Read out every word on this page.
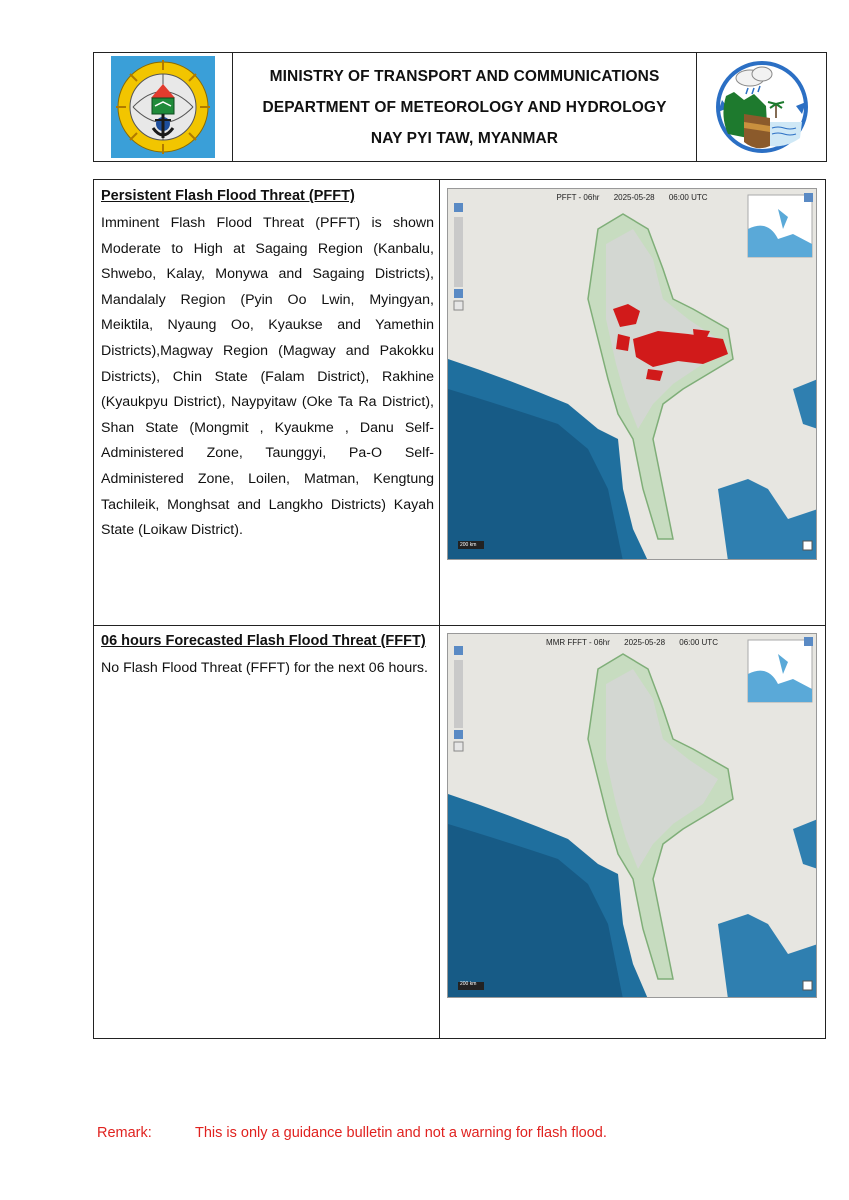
MINISTRY OF TRANSPORT AND COMMUNICATIONS
DEPARTMENT OF METEOROLOGY AND HYDROLOGY
NAY PYI TAW, MYANMAR
Persistent Flash Flood Threat (PFFT)
Imminent Flash Flood Threat (PFFT) is shown Moderate to High at Sagaing Region (Kanbalu, Shwebo, Kalay, Monywa and Sagaing Districts), Mandalaly Region (Pyin Oo Lwin, Myingyan, Meiktila, Nyaung Oo, Kyaukse and Yamethin Districts),Magway Region (Magway and Pakokku Districts), Chin State (Falam District), Rakhine (Kyaukpyu District), Naypyitaw (Oke Ta Ra District), Shan State (Mongmit , Kyaukme , Danu Self-Administered Zone, Taunggyi, Pa-O Self-Administered Zone, Loilen, Matman, Kengtung Tachileik, Monghsat and Langkho Districts) Kayah State (Loikaw District).
PFFT - 06hr 2025-05-28 06:00 UTC
200 km
06 hours Forecasted Flash Flood Threat (FFFT)
No Flash Flood Threat (FFFT) for the next 06 hours.
MMR FFFT - 06hr 2025-05-28 06:00 UTC
200 km
Remark:	This is only a guidance bulletin and not a warning for flash flood.
